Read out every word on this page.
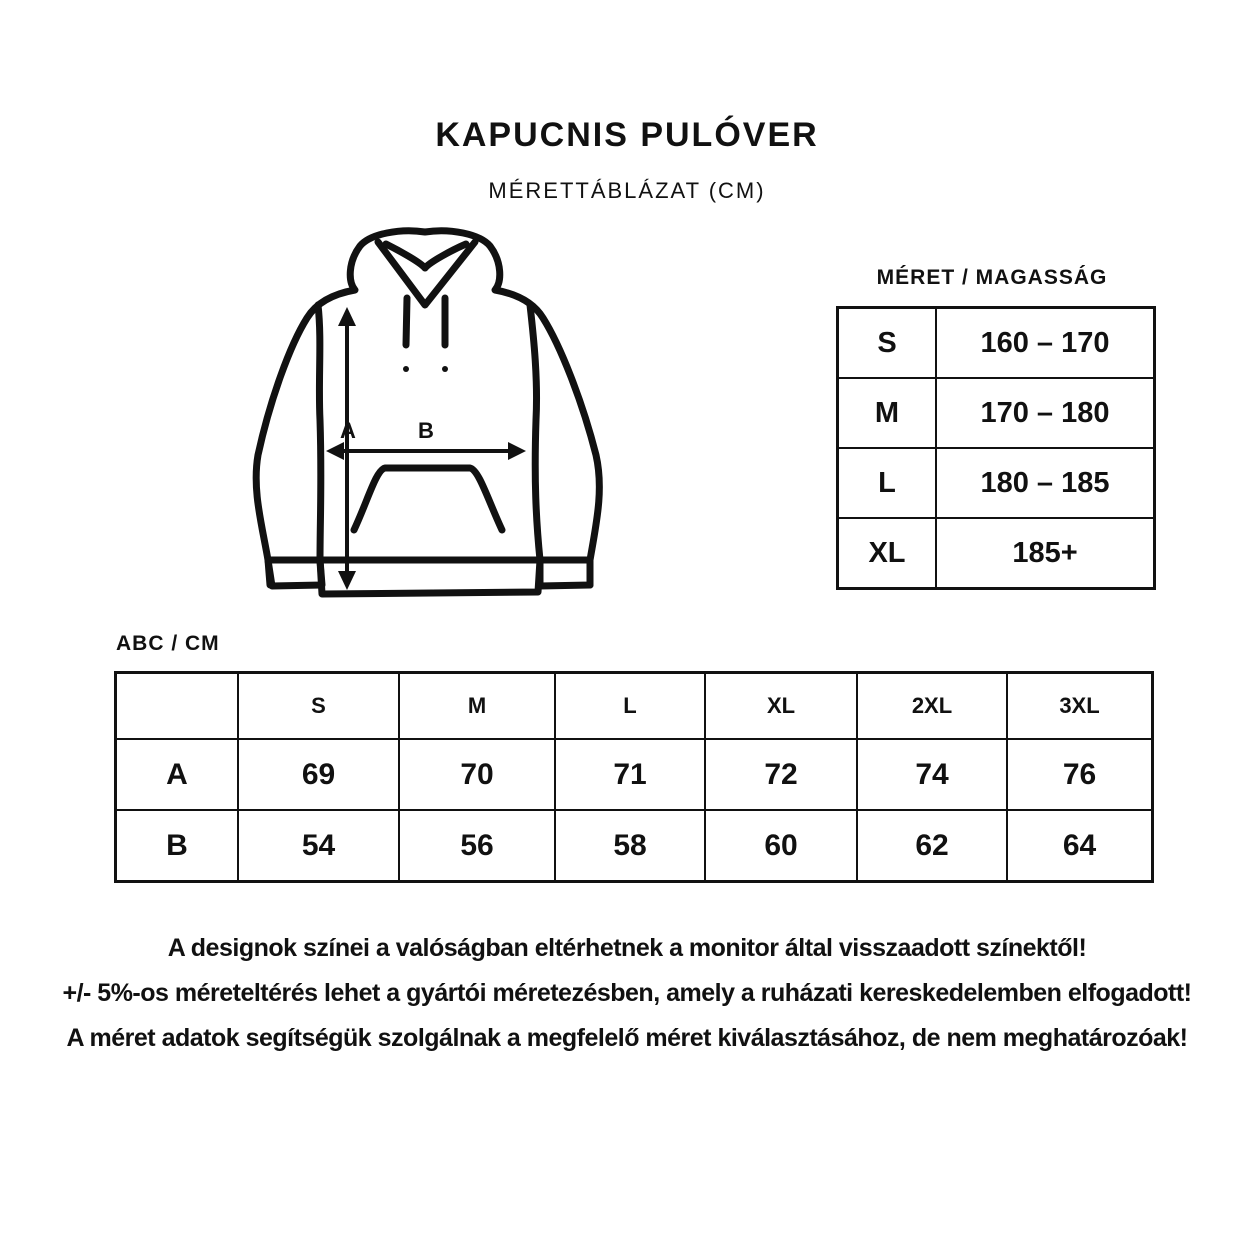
KAPUCNIS PULÓVER
MÉRETTÁBLÁZAT (CM)
A	B
MÉRET / MAGASSÁG
S	160 – 170
M	170 – 180
L	180 – 185
XL	185+
ABC / CM
	S	M	L	XL	2XL	3XL
A	69	70	71	72	74	76
B	54	56	58	60	62	64
A designok színei a valóságban eltérhetnek a monitor által visszaadott színektől!
+/- 5%-os méreteltérés lehet a gyártói méretezésben, amely a ruházati kereskedelemben elfogadott!
A méret adatok segítségük szolgálnak a megfelelő méret kiválasztásához, de nem meghatározóak!
